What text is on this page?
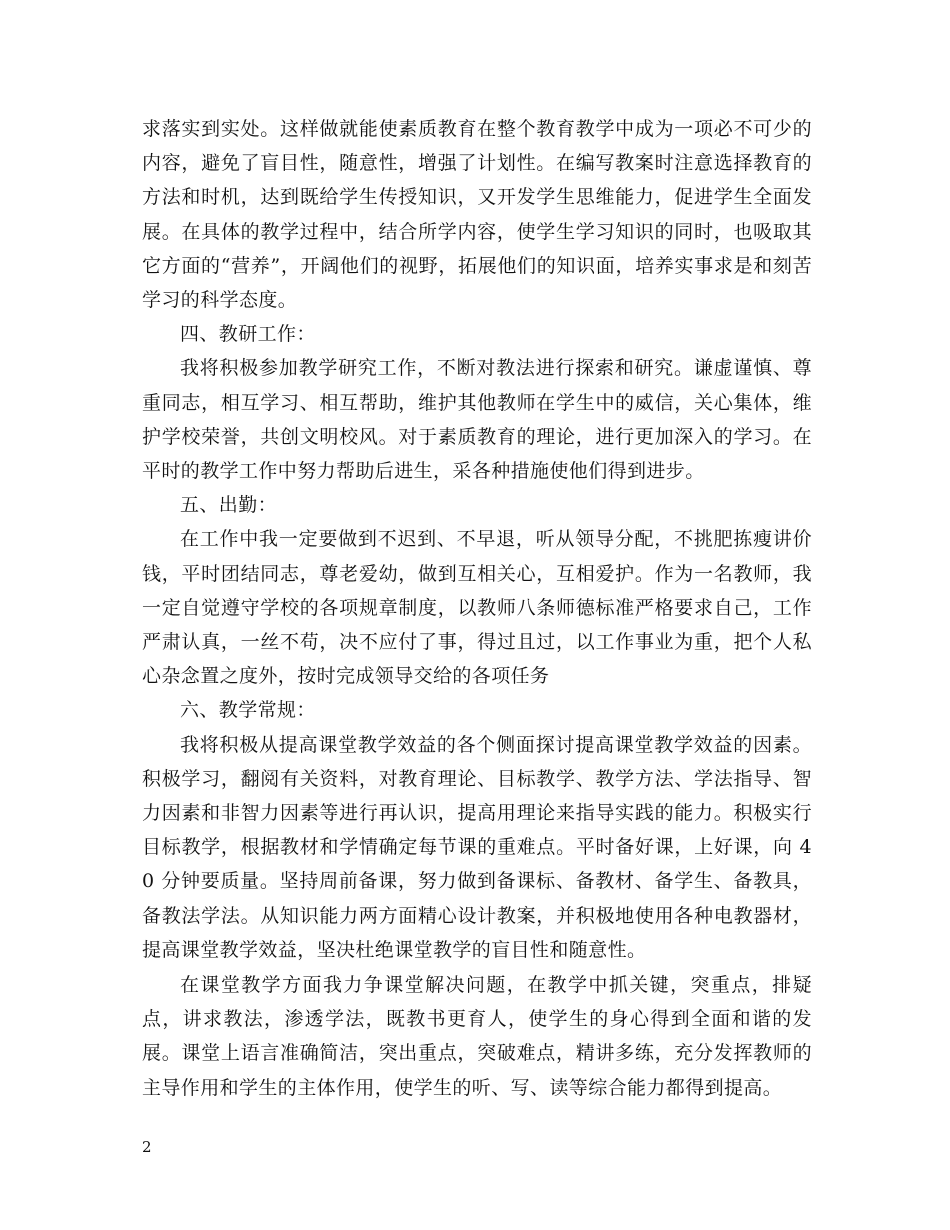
求落实到实处。这样做就能使素质教育在整个教育教学中成为一项必不可少的内容，避免了盲目性，随意性，增强了计划性。在编写教案时注意选择教育的方法和时机，达到既给学生传授知识，又开发学生思维能力，促进学生全面发展。在具体的教学过程中，结合所学内容，使学生学习知识的同时，也吸取其它方面的“营养”，开阔他们的视野，拓展他们的知识面，培养实事求是和刻苦学习的科学态度。

四、教研工作：

我将积极参加教学研究工作，不断对教法进行探索和研究。谦虚谨慎、尊重同志，相互学习、相互帮助，维护其他教师在学生中的威信，关心集体，维护学校荣誉，共创文明校风。对于素质教育的理论，进行更加深入的学习。在平时的教学工作中努力帮助后进生，采各种措施使他们得到进步。

五、出勤：

在工作中我一定要做到不迟到、不早退，听从领导分配，不挑肥拣瘦讲价钱，平时团结同志，尊老爱幼，做到互相关心，互相爱护。作为一名教师，我一定自觉遵守学校的各项规章制度，以教师八条师德标准严格要求自己，工作严肃认真，一丝不苟，决不应付了事，得过且过，以工作事业为重，把个人私心杂念置之度外，按时完成领导交给的各项任务

六、教学常规：

我将积极从提高课堂教学效益的各个侧面探讨提高课堂教学效益的因素。积极学习，翻阅有关资料，对教育理论、目标教学、教学方法、学法指导、智力因素和非智力因素等进行再认识，提高用理论来指导实践的能力。积极实行目标教学，根据教材和学情确定每节课的重难点。平时备好课，上好课，向 40 分钟要质量。坚持周前备课，努力做到备课标、备教材、备学生、备教具，备教法学法。从知识能力两方面精心设计教案，并积极地使用各种电教器材，提高课堂教学效益，坚决杜绝课堂教学的盲目性和随意性。

在课堂教学方面我力争课堂解决问题，在教学中抓关键，突重点，排疑点，讲求教法，渗透学法，既教书更育人，使学生的身心得到全面和谐的发展。课堂上语言准确简洁，突出重点，突破难点，精讲多练，充分发挥教师的主导作用和学生的主体作用，使学生的听、写、读等综合能力都得到提高。

2
